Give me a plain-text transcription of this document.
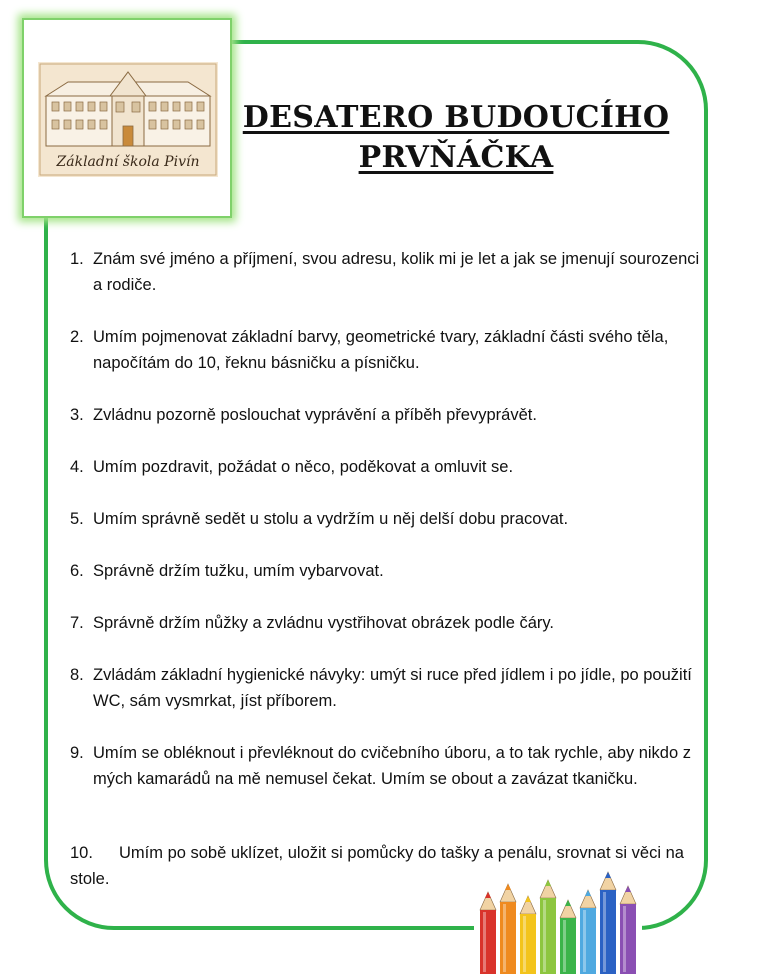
Základní škola Pivín
DESATERO BUDOUCÍHO
PRVŇÁČKA
1. Znám své jméno a příjmení, svou adresu, kolik mi je let a jak se jmenují sourozenci a rodiče.
2. Umím pojmenovat základní barvy, geometrické tvary, základní části svého těla, napočítám do 10, řeknu básničku a písničku.
3. Zvládnu pozorně poslouchat vyprávění a příběh převyprávět.
4. Umím pozdravit, požádat o něco, poděkovat a omluvit se.
5. Umím správně sedět u stolu a vydržím u něj delší dobu pracovat.
6. Správně držím tužku, umím vybarvovat.
7. Správně držím nůžky a zvládnu vystřihovat obrázek podle čáry.
8. Zvládám základní hygienické návyky: umýt si ruce před jídlem i po jídle, po použití WC, sám vysmrkat, jíst příborem.
9. Umím se obléknout i převléknout do cvičebního úboru, a to tak rychle, aby nikdo z mých kamarádů na mě nemusel čekat. Umím se obout a zavázat tkaničku.
10.	Umím po sobě uklízet, uložit si pomůcky do tašky a penálu, srovnat si věci na stole.
